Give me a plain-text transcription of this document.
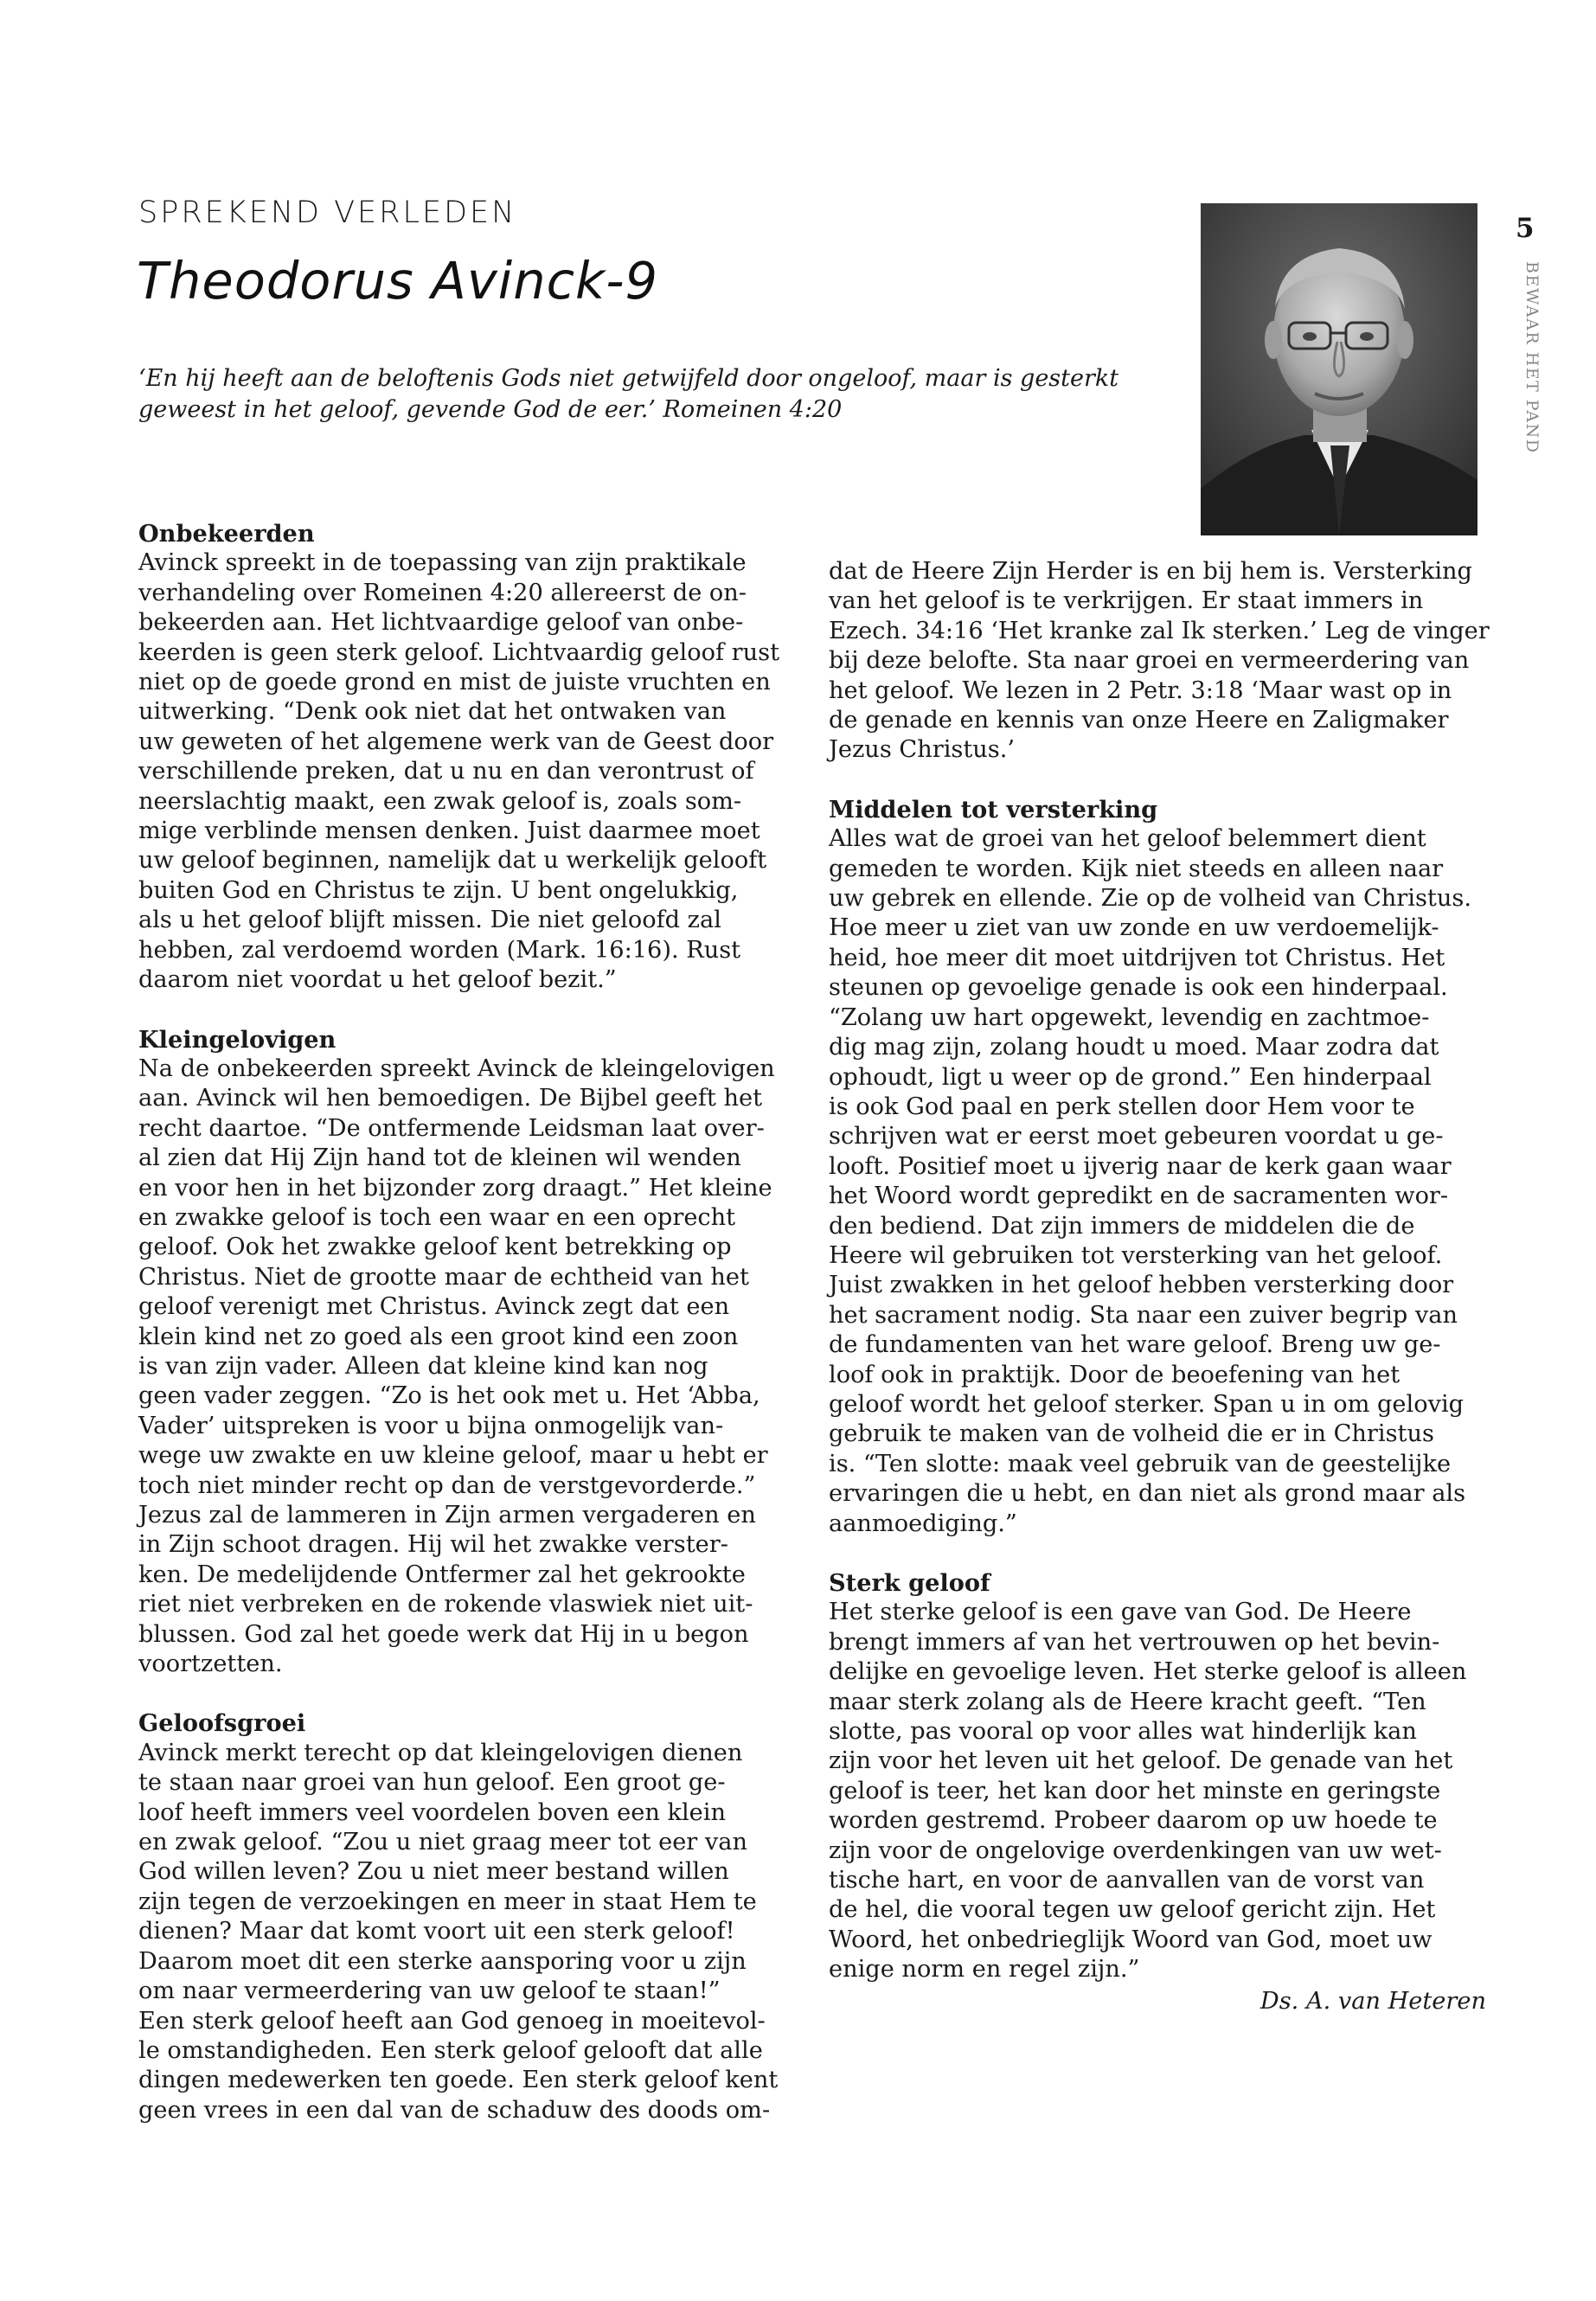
SPREKEND VERLEDEN
Theodorus Avinck-9
‘En hij heeft aan de beloftenis Gods niet getwijfeld door ongeloof, maar is gesterkt geweest in het geloof, gevende God de eer.’ Romeinen 4:20
5
BEWAAR HET PAND
Onbekeerden

Avinck spreekt in de toepassing van zijn praktikale
verhandeling over Romeinen 4:20 allereerst de on-
bekeerden aan. Het lichtvaardige geloof van onbe-
keerden is geen sterk geloof. Lichtvaardig geloof rust
niet op de goede grond en mist de juiste vruchten en
uitwerking. “Denk ook niet dat het ontwaken van
uw geweten of het algemene werk van de Geest door
verschillende preken, dat u nu en dan verontrust of
neerslachtig maakt, een zwak geloof is, zoals som-
mige verblinde mensen denken. Juist daarmee moet
uw geloof beginnen, namelijk dat u werkelijk gelooft
buiten God en Christus te zijn. U bent ongelukkig,
als u het geloof blijft missen. Die niet geloofd zal
hebben, zal verdoemd worden (Mark. 16:16). Rust
daarom niet voordat u het geloof bezit.”

Kleingelovigen

Na de onbekeerden spreekt Avinck de kleingelovigen
aan. Avinck wil hen bemoedigen. De Bijbel geeft het
recht daartoe. “De ontfermende Leidsman laat over-
al zien dat Hij Zijn hand tot de kleinen wil wenden
en voor hen in het bijzonder zorg draagt.” Het kleine
en zwakke geloof is toch een waar en een oprecht
geloof. Ook het zwakke geloof kent betrekking op
Christus. Niet de grootte maar de echtheid van het
geloof verenigt met Christus. Avinck zegt dat een
klein kind net zo goed als een groot kind een zoon
is van zijn vader. Alleen dat kleine kind kan nog
geen vader zeggen. “Zo is het ook met u. Het ‘Abba,
Vader’ uitspreken is voor u bijna onmogelijk van-
wege uw zwakte en uw kleine geloof, maar u hebt er
toch niet minder recht op dan de verstgevorderde.”
Jezus zal de lammeren in Zijn armen vergaderen en
in Zijn schoot dragen. Hij wil het zwakke verster-
ken. De medelijdende Ontfermer zal het gekrookte
riet niet verbreken en de rokende vlaswiek niet uit-
blussen. God zal het goede werk dat Hij in u begon
voortzetten.

Geloofsgroei

Avinck merkt terecht op dat kleingelovigen dienen
te staan naar groei van hun geloof. Een groot ge-
loof heeft immers veel voordelen boven een klein
en zwak geloof. “Zou u niet graag meer tot eer van
God willen leven? Zou u niet meer bestand willen
zijn tegen de verzoekingen en meer in staat Hem te
dienen? Maar dat komt voort uit een sterk geloof!
Daarom moet dit een sterke aansporing voor u zijn
om naar vermeerdering van uw geloof te staan!”
Een sterk geloof heeft aan God genoeg in moeitevol-
le omstandigheden. Een sterk geloof gelooft dat alle
dingen medewerken ten goede. Een sterk geloof kent
geen vrees in een dal van de schaduw des doods om-

dat de Heere Zijn Herder is en bij hem is. Versterking
van het geloof is te verkrijgen. Er staat immers in
Ezech. 34:16 ‘Het kranke zal Ik sterken.’ Leg de vinger
bij deze belofte. Sta naar groei en vermeerdering van
het geloof. We lezen in 2 Petr. 3:18 ‘Maar wast op in
de genade en kennis van onze Heere en Zaligmaker
Jezus Christus.’

Middelen tot versterking

Alles wat de groei van het geloof belemmert dient
gemeden te worden. Kijk niet steeds en alleen naar
uw gebrek en ellende. Zie op de volheid van Christus.
Hoe meer u ziet van uw zonde en uw verdoemelijk-
heid, hoe meer dit moet uitdrijven tot Christus. Het
steunen op gevoelige genade is ook een hinderpaal.
“Zolang uw hart opgewekt, levendig en zachtmoe-
dig mag zijn, zolang houdt u moed. Maar zodra dat
ophoudt, ligt u weer op de grond.” Een hinderpaal
is ook God paal en perk stellen door Hem voor te
schrijven wat er eerst moet gebeuren voordat u ge-
looft. Positief moet u ijverig naar de kerk gaan waar
het Woord wordt gepredikt en de sacramenten wor-
den bediend. Dat zijn immers de middelen die de
Heere wil gebruiken tot versterking van het geloof.
Juist zwakken in het geloof hebben versterking door
het sacrament nodig. Sta naar een zuiver begrip van
de fundamenten van het ware geloof. Breng uw ge-
loof ook in praktijk. Door de beoefening van het
geloof wordt het geloof sterker. Span u in om gelovig
gebruik te maken van de volheid die er in Christus
is. “Ten slotte: maak veel gebruik van de geestelijke
ervaringen die u hebt, en dan niet als grond maar als
aanmoediging.”

Sterk geloof

Het sterke geloof is een gave van God. De Heere
brengt immers af van het vertrouwen op het bevin-
delijke en gevoelige leven. Het sterke geloof is alleen
maar sterk zolang als de Heere kracht geeft. “Ten
slotte, pas vooral op voor alles wat hinderlijk kan
zijn voor het leven uit het geloof. De genade van het
geloof is teer, het kan door het minste en geringste
worden gestremd. Probeer daarom op uw hoede te
zijn voor de ongelovige overdenkingen van uw wet-
tische hart, en voor de aanvallen van de vorst van
de hel, die vooral tegen uw geloof gericht zijn. Het
Woord, het onbedrieglijk Woord van God, moet uw
enige norm en regel zijn.”

Ds. A. van Heteren
